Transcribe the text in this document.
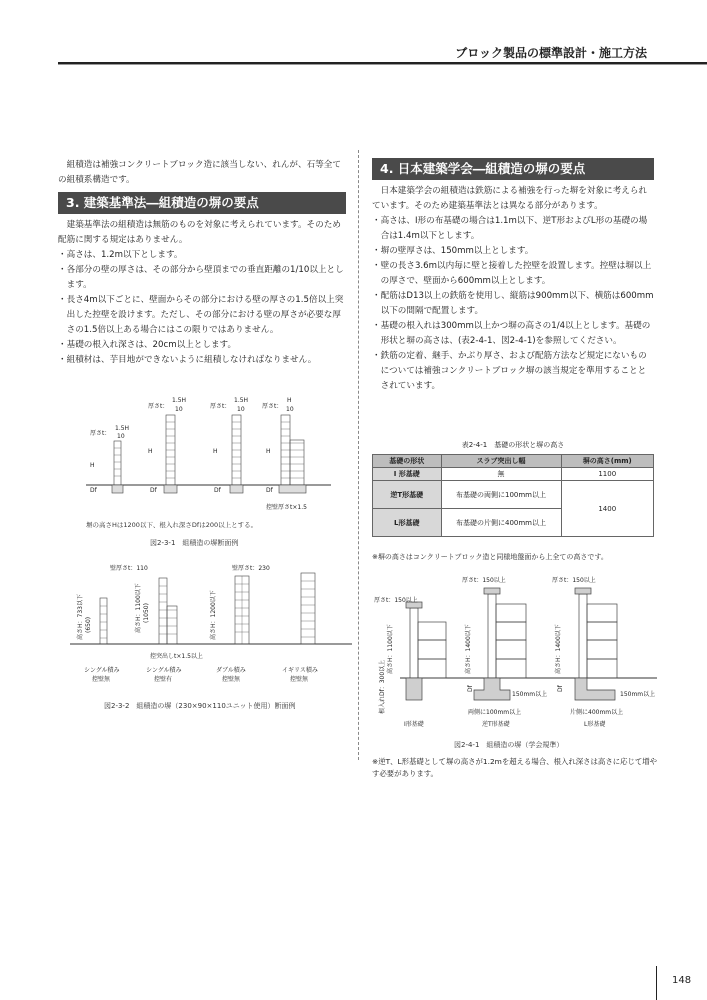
ブロック製品の標準設計・施工方法

組積造は補強コンクリートブロック造に該当しない、れんが、石等全ての組積系構造です。

3. 建築基準法―組積造の塀の要点

建築基準法の組積造は無筋のものを対象に考えられています。そのため配筋に関する規定はありません。

・高さは、1.2m以下とします。

・各部分の壁の厚さは、その部分から壁頂までの垂直距離の1/10以上とします。

・長さ4m以下ごとに、壁面からその部分における壁の厚さの1.5倍以上突出した控壁を設けます。ただし、その部分における壁の厚さが必要な厚さの1.5倍以上ある場合にはこの限りではありません。

・基礎の根入れ深さは、20cm以上とします。

・組積材は、芋目地ができないように組積しなければなりません。

厚さt：
1.5H
10
厚さt：
1.5H
10	厚さt：
1.5H
10	厚さt：
H
10
H
H	H	H
Df	Df	Df	Df
控壁厚さt×1.5
塀の高さHは1200以下、根入れ深さDfは200以上とする。
図2-3-1　組積造の塀断面例
壁厚さt：110	壁厚さt：230
高さH：733以下 (650)	高さH：1100以下 (1050)	高さH：1200以下
控突出しt×1.5以上
シングル積み
控壁無
シングル積み
控壁有
ダブル積み
控壁無
イギリス積み
控壁無
図2-3-2　組積造の塀（230×90×110ユニット使用）断面例
4. 日本建築学会―組積造の塀の要点

日本建築学会の組積造は鉄筋による補強を行った塀を対象に考えられています。そのため建築基準法とは異なる部分があります。

・高さは、I形の布基礎の場合は1.1m以下、逆T形およびL形の基礎の場合は1.4m以下とします。

・塀の壁厚さは、150mm以上とします。

・壁の長さ3.6m以内毎に壁と接着した控壁を設置します。控壁は塀以上の厚さで、壁面から600mm以上とします。

・配筋はD13以上の鉄筋を使用し、縦筋は900mm以下、横筋は600mm以下の間隔で配置します。

・基礎の根入れは300mm以上かつ塀の高さの1/4以上とします。基礎の形状と塀の高さは、(表2-4-1、図2-4-1)を参照してください。

・鉄筋の定着、継手、かぶり厚さ、および配筋方法など規定にないものについては補強コンクリートブロック塀の該当規定を準用することとされています。

表2-4-1　基礎の形状と塀の高さ
基礎の形状	スラブ突出し幅	塀の高さ(mm)
I 形基礎	無	1100
逆T形基礎	布基礎の両側に100mm以上	1400
L形基礎	布基礎の片側に400mm以上	
※塀の高さはコンクリートブロック造と同様地盤面から上全ての高さです。
厚さt：150以上
厚さt：150以上	厚さt：150以上
高さH：1100以下	高さH：1400以下	高さH：1400以下
根入れDf：300以上	Df	Df
150mm以上	150mm以上
両側に100mm以上	片側に400mm以上
I形基礎	逆T形基礎	L形基礎
図2-4-1　組積造の塀（学会規準）
※逆T、L形基礎として塀の高さが1.2mを超える場合、根入れ深さは高さに応じて増やす必要があります。
148
